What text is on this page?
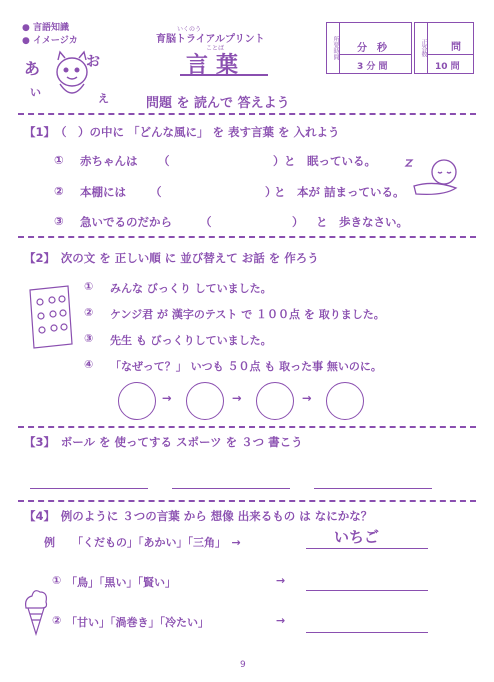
● 言語知識
● イメージカ
あ	お
い	え
いくのう
育脳トライアルプリント
ことば
言葉
所要時間 分　秒
3 分 間
正答数 問
10 問
問題 を 読んで 答えよう
【1】　（　）の中に 「どんな風に」 を 表す言葉 を 入れよう
① 赤ちゃんは （　　　　　　　　　） と　眠っている。
② 本棚には （　　　　　　　　　）
と　本が 詰まっている。
③ 急いでるのだから （　　　　　　　） と　歩きなさい。
【2】　次の文 を 正しい順 に 並び替えて お話 を 作ろう
① みんな びっくり していました。
② ケンジ君 が 漢字のテスト で １００点 を 取りました。
③ 先生 も びっくりしていました。
④ 「なぜって？」 いつも ５０点 も 取った事 無いのに。
→	→	→
【3】　ボール を 使ってする スポーツ を ３つ 書こう
【4】　例のように ３つの言葉 から 想像 出来るもの は なにかな？
例 「くだもの」「あかい」「三角」　→	いちご
① 「鳥」「黒い」「賢い」	→
② 「甘い」「渦巻き」「冷たい」	→
9
